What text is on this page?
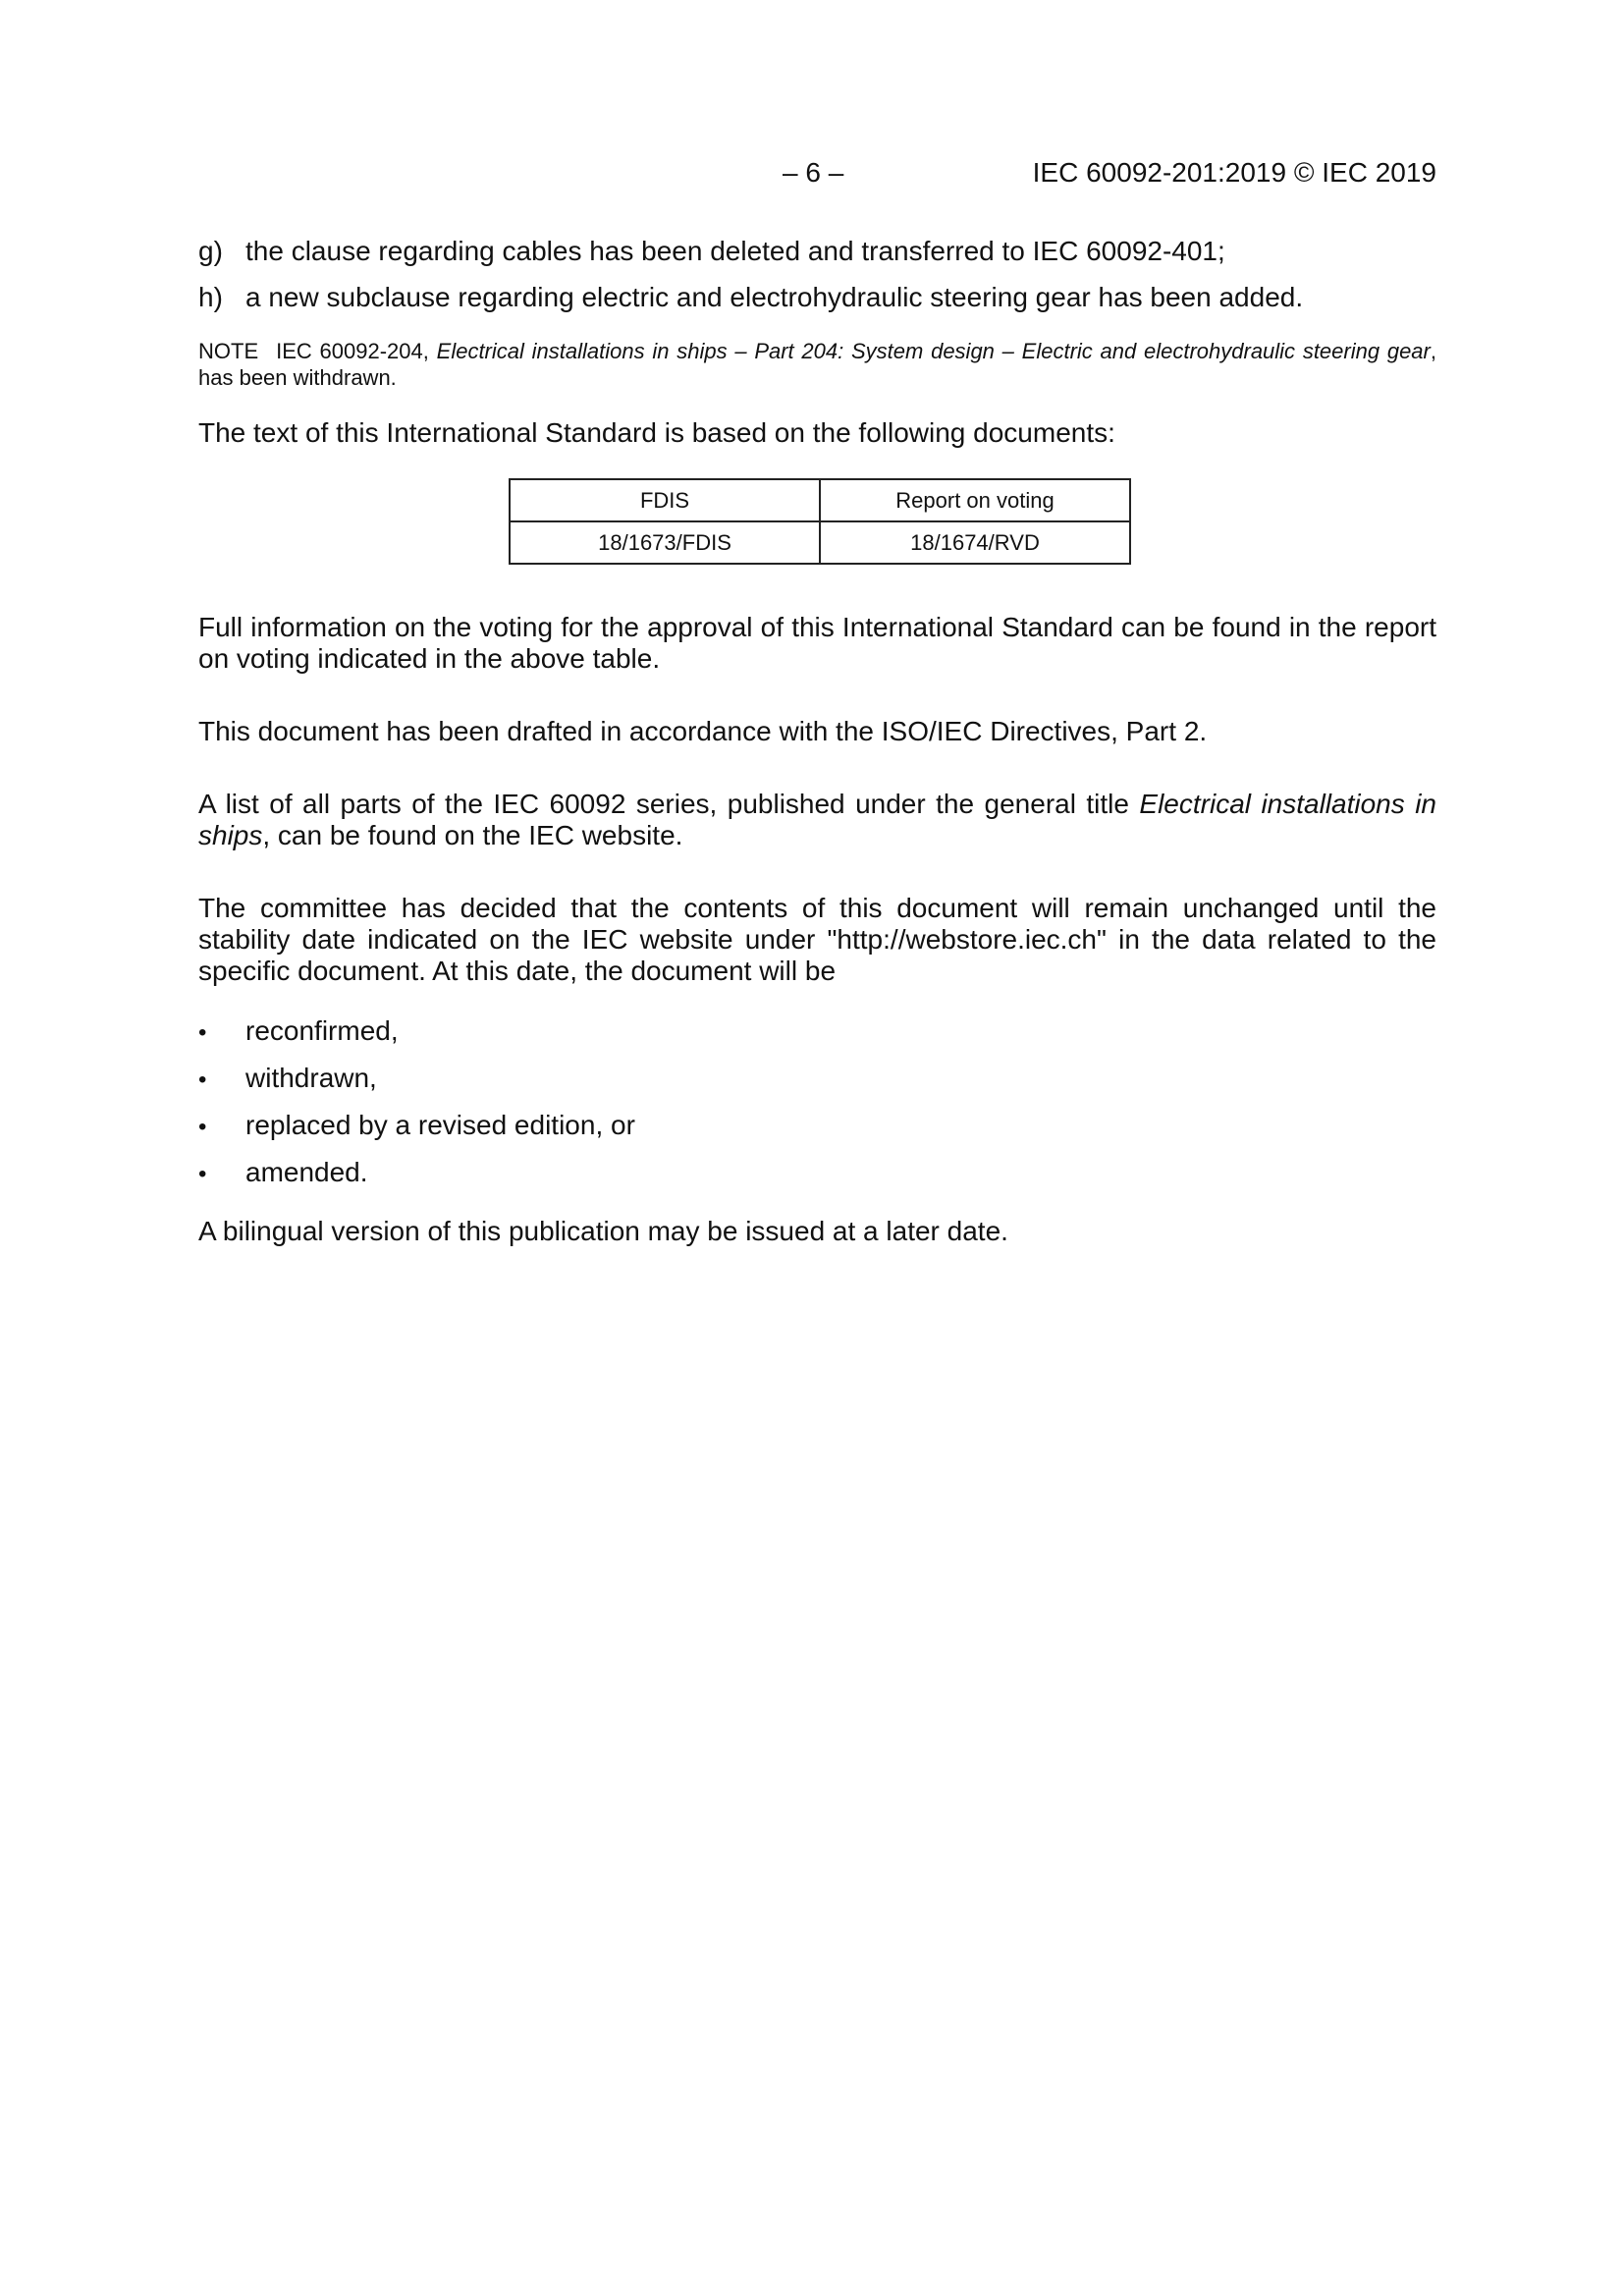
– 6 –	IEC 60092-201:2019 © IEC 2019
g) the clause regarding cables has been deleted and transferred to IEC 60092-401;
h) a new subclause regarding electric and electrohydraulic steering gear has been added.
NOTE IEC 60092-204, Electrical installations in ships – Part 204: System design – Electric and electrohydraulic steering gear, has been withdrawn.
The text of this International Standard is based on the following documents:
FDIS	Report on voting
18/1673/FDIS	18/1674/RVD
Full information on the voting for the approval of this International Standard can be found in the report on voting indicated in the above table.
This document has been drafted in accordance with the ISO/IEC Directives, Part 2.
A list of all parts of the IEC 60092 series, published under the general title Electrical installations in ships, can be found on the IEC website.
The committee has decided that the contents of this document will remain unchanged until the stability date indicated on the IEC website under "http://webstore.iec.ch" in the data related to the specific document. At this date, the document will be
• reconfirmed,
• withdrawn,
• replaced by a revised edition, or
• amended.
A bilingual version of this publication may be issued at a later date.
